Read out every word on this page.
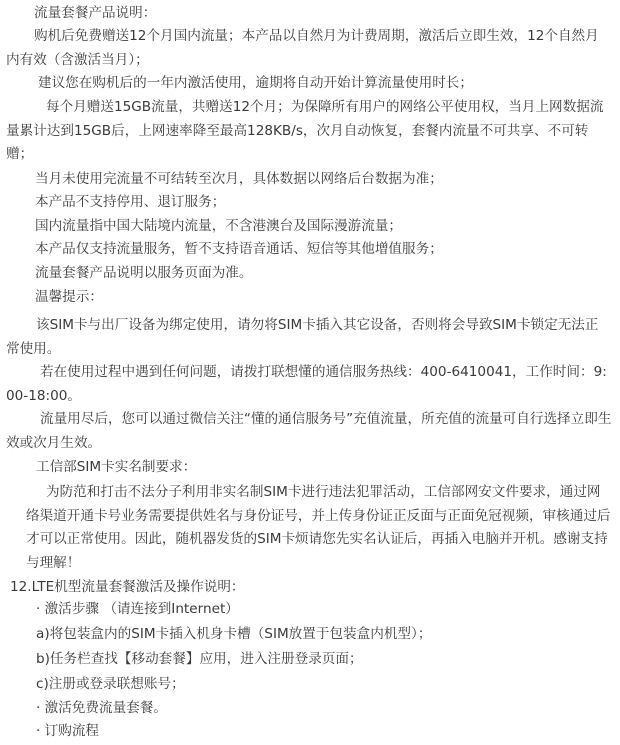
流量套餐产品说明：
购机后免费赠送12个月国内流量；本产品以自然月为计费周期，激活后立即生效，12个自然月内有效（含激活当月）；
建议您在购机后的一年内激活使用，逾期将自动开始计算流量使用时长；
每个月赠送15GB流量，共赠送12个月；为保障所有用户的网络公平使用权，当月上网数据流量累计达到15GB后，上网速率降至最高128KB/s，次月自动恢复，套餐内流量不可共享、不可转赠；
当月未使用完流量不可结转至次月，具体数据以网络后台数据为准；
本产品不支持停用、退订服务；
国内流量指中国大陆境内流量，不含港澳台及国际漫游流量；
本产品仅支持流量服务，暂不支持语音通话、短信等其他增值服务；
流量套餐产品说明以服务页面为准。
温馨提示：
该SIM卡与出厂设备为绑定使用，请勿将SIM卡插入其它设备，否则将会导致SIM卡锁定无法正常使用。
若在使用过程中遇到任何问题，请拨打联想懂的通信服务热线：400-6410041，工作时间：9:00-18:00。
流量用尽后，您可以通过微信关注“懂的通信服务号”充值流量，所充值的流量可自行选择立即生效或次月生效。
工信部SIM卡实名制要求：
为防范和打击不法分子利用非实名制SIM卡进行违法犯罪活动，工信部网安文件要求，通过网络渠道开通卡号业务需要提供姓名与身份证号，并上传身份证正反面与正面免冠视频，审核通过后才可以正常使用。因此，随机器发货的SIM卡烦请您先实名认证后，再插入电脑并开机。感谢支持与理解！
12.LTE机型流量套餐激活及操作说明：
· 激活步骤 （请连接到Internet）
a)将包装盒内的SIM卡插入机身卡槽（SIM放置于包装盒内机型）；
b)任务栏查找【移动套餐】应用，进入注册登录页面；
c)注册或登录联想账号；
· 激活免费流量套餐。
· 订购流程
